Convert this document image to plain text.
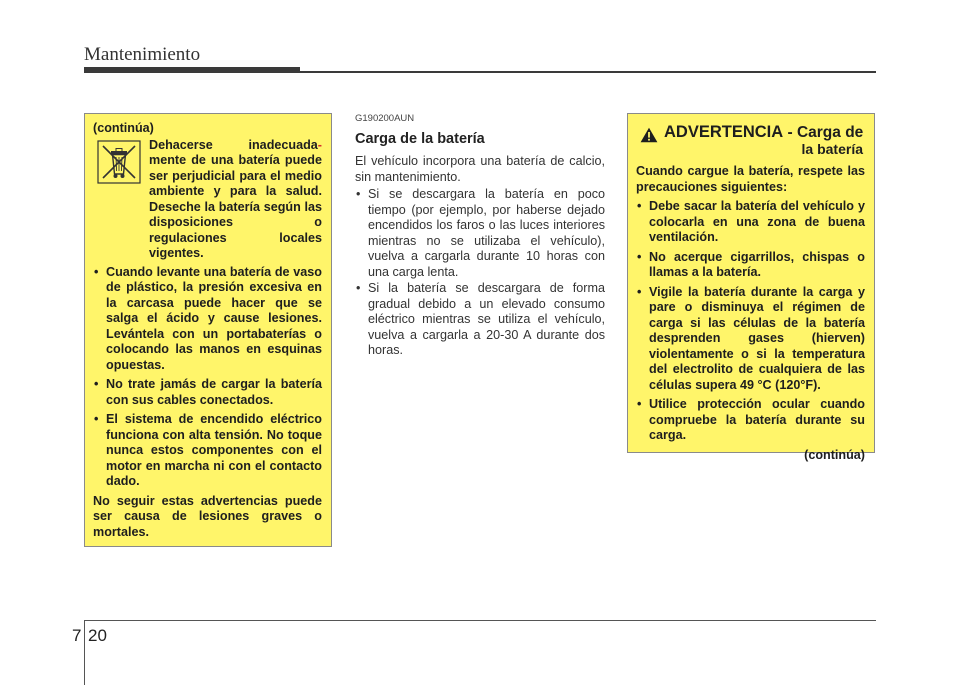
Mantenimiento
(continúa)

Dehacerse inadecuada- mente de una batería puede ser perjudicial para el medio ambiente y para la salud. Deseche la batería según las disposiciones o regulaciones locales vigentes.

• Cuando levante una batería de vaso de plástico, la presión excesiva en la carcasa puede hacer que se salga el ácido y cause lesiones. Levántela con un portabaterías o colocando las manos en esquinas opuestas.
• No trate jamás de cargar la batería con sus cables conectados.
• El sistema de encendido eléctrico funciona con alta tensión. No toque nunca estos componentes con el motor en marcha ni con el contacto dado.

No seguir estas advertencias puede ser causa de lesiones graves o mortales.

G190200AUN
Carga de la batería

El vehículo incorpora una batería de calcio, sin mantenimiento.

• Si se descargara la batería en poco tiempo (por ejemplo, por haberse dejado encendidos los faros o las luces interiores mientras no se utilizaba el vehículo), vuelva a cargarla durante 10 horas con una carga lenta.
• Si la batería se descargara de forma gradual debido a un elevado consumo eléctrico mientras se utiliza el vehículo, vuelva a cargarla a 20-30 A durante dos horas.
ADVERTENCIA - Carga de
la batería

Cuando cargue la batería, respete las precauciones siguientes:

• Debe sacar la batería del vehículo y colocarla en una zona de buena ventilación.
• No acerque cigarrillos, chispas o llamas a la batería.
• Vigile la batería durante la carga y pare o disminuya el régimen de carga si las células de la batería desprenden gases (hierven) violentamente o si la temperatura del electrolito de cualquiera de las células supera 49 °C (120°F).
• Utilice protección ocular cuando compruebe la batería durante su carga.

(continúa)

7 20
